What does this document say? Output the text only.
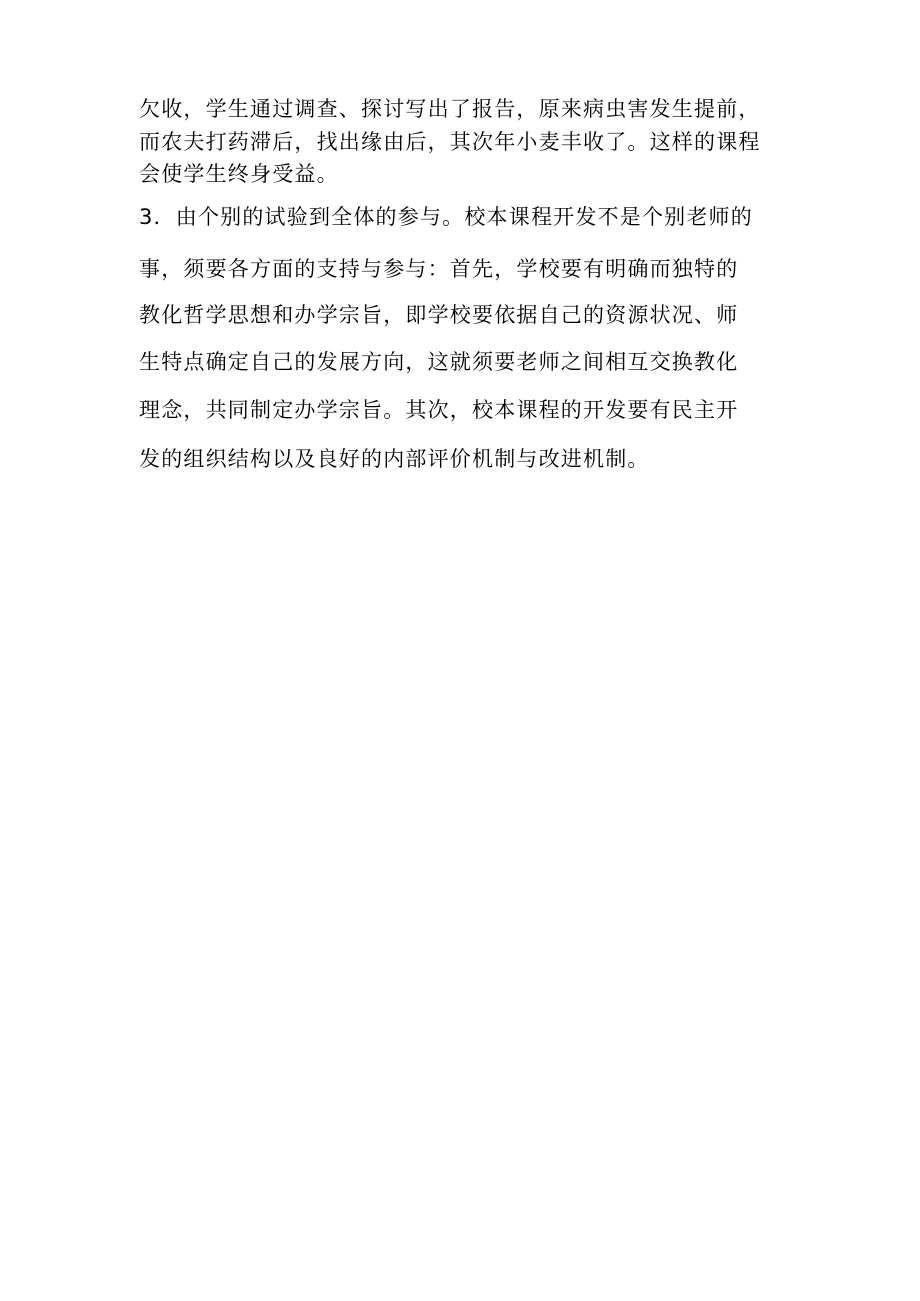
欠收，学生通过调查、探讨写出了报告，原来病虫害发生提前，
而农夫打药滞后，找出缘由后，其次年小麦丰收了。这样的课程
会使学生终身受益。
3．由个别的试验到全体的参与。校本课程开发不是个别老师的
事，须要各方面的支持与参与：首先，学校要有明确而独特的
教化哲学思想和办学宗旨，即学校要依据自己的资源状况、师
生特点确定自己的发展方向，这就须要老师之间相互交换教化
理念，共同制定办学宗旨。其次，校本课程的开发要有民主开
发的组织结构以及良好的内部评价机制与改进机制。
